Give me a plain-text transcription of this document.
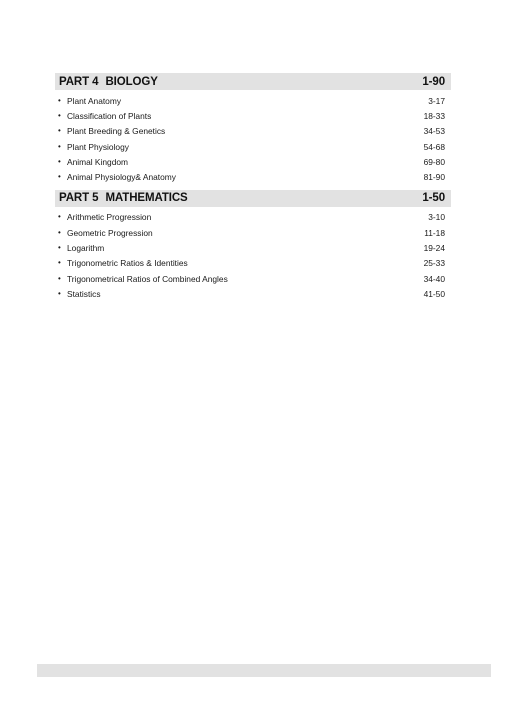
PART 4 BIOLOGY	1-90
• Plant Anatomy	3-17
• Classification of Plants	18-33
• Plant Breeding & Genetics	34-53
• Plant Physiology	54-68
• Animal Kingdom	69-80
• Animal Physiology& Anatomy	81-90
PART 5 MATHEMATICS	1-50
• Arithmetic Progression	3-10
• Geometric Progression	11-18
• Logarithm	19-24
• Trigonometric Ratios & Identities	25-33
• Trigonometrical Ratios of Combined Angles	34-40
• Statistics	41-50
